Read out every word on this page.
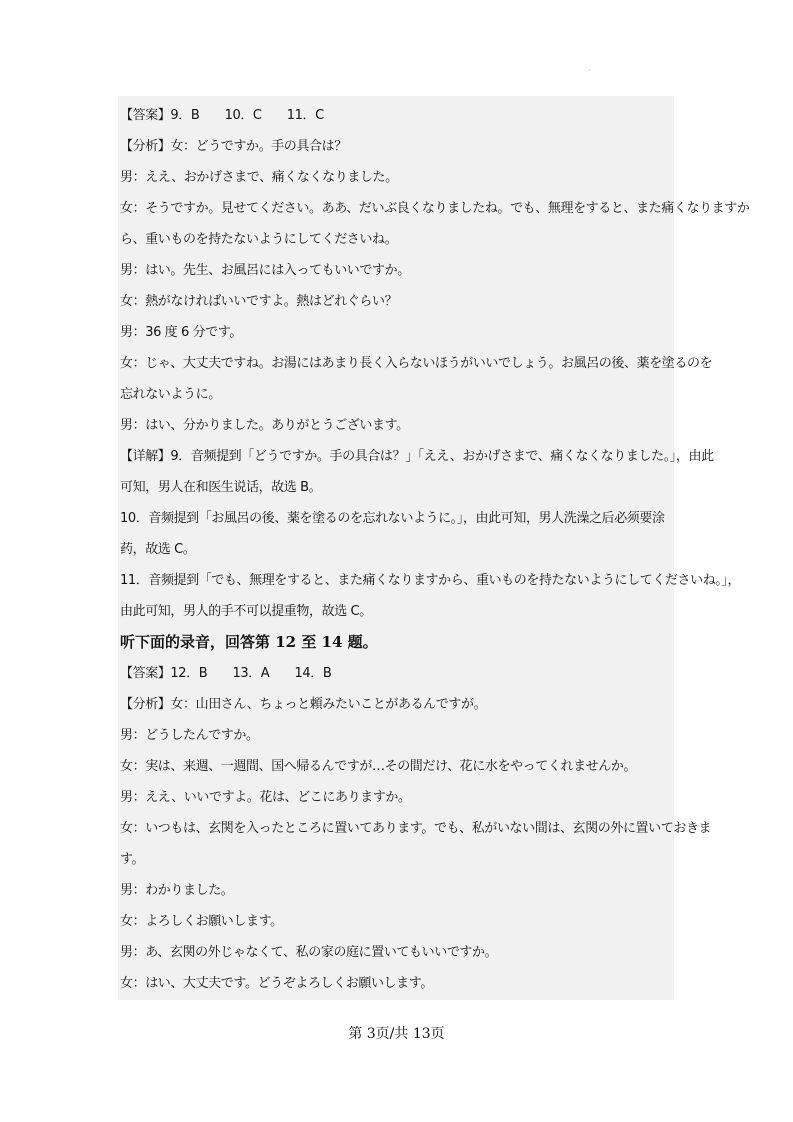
·
【答案】9．B　　10．C　　11．C
【分析】女：どうですか。手の具合は？
男：ええ、おかげさまで、痛くなくなりました。
女：そうですか。見せてください。ああ、だいぶ良くなりましたね。でも、無理をすると、また痛くなりますか
ら、重いものを持たないようにしてくださいね。
男：はい。先生、お風呂には入ってもいいですか。
女：熱がなければいいですよ。熱はどれぐらい？
男：36 度 6 分です。
女：じゃ、大丈夫ですね。お湯にはあまり長く入らないほうがいいでしょう。お風呂の後、薬を塗るのを
忘れないように。
男：はい、分かりました。ありがとうございます。
【详解】9．音频提到「どうですか。手の具合は？」「ええ、おかげさまで、痛くなくなりました。」，由此
可知，男人在和医生说话，故选 B。
10．音频提到「お風呂の後、薬を塗るのを忘れないように。」，由此可知，男人洗澡之后必须要涂
药，故选 C。
11．音频提到「でも、無理をすると、また痛くなりますから、重いものを持たないようにしてくださいね。」，
由此可知，男人的手不可以提重物，故选 C。
听下面的录音，回答第 12 至 14 题。
【答案】12．B　　13．A　　14．B
【分析】女：山田さん、ちょっと頼みたいことがあるんですが。
男：どうしたんですか。
女：実は、来週、一週間、国へ帰るんですが…その間だけ、花に水をやってくれませんか。
男：ええ、いいですよ。花は、どこにありますか。
女：いつもは、玄関を入ったところに置いてあります。でも、私がいない間は、玄関の外に置いておきま
す。
男：わかりました。
女：よろしくお願いします。
男：あ、玄関の外じゃなくて、私の家の庭に置いてもいいですか。
女：はい、大丈夫です。どうぞよろしくお願いします。
第 3页/共 13页
